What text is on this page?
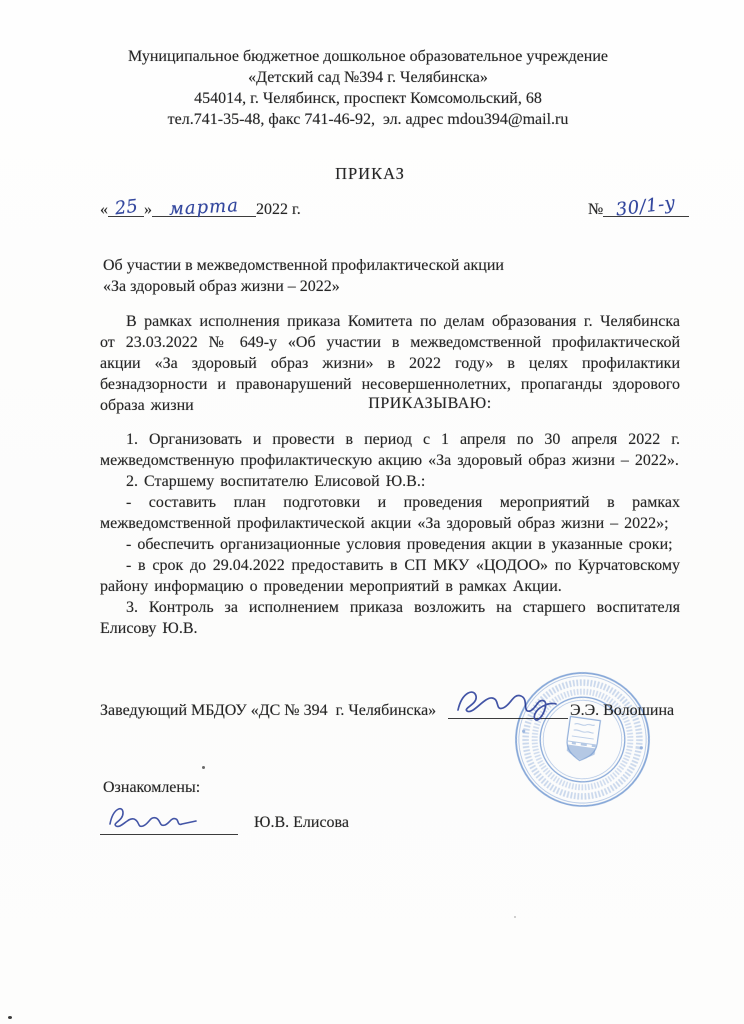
Муниципальное бюджетное дошкольное образовательное учреждение

«Детский сад №394 г. Челябинска»

454014, г. Челябинск, проспект Комсомольский, 68

тел.741-35-48, факс 741-46-92,  эл. адрес mdou394@mail.ru

ПРИКАЗ
« 25 » марта 2022 г.	№ 30/1-у

Об участии в межведомственной профилактической акции

«За здоровый образ жизни – 2022»

В рамках исполнения приказа Комитета по делам образования г. Челябинска от 23.03.2022 № 649-у «Об участии в межведомственной профилактической акции «За здоровый образ жизни» в 2022 году» в целях профилактики безнадзорности и правонарушений несовершеннолетних, пропаганды здорового образа жизни	ПРИКАЗЫВАЮ:

1. Организовать и провести в период с 1 апреля по 30 апреля 2022 г. межведомственную профилактическую акцию «За здоровый образ жизни – 2022».

2. Старшему воспитателю Елисовой Ю.В.:

- составить план подготовки и проведения мероприятий в рамках межведомственной профилактической акции «За здоровый образ жизни – 2022»;

- обеспечить организационные условия проведения акции в указанные сроки;

- в срок до 29.04.2022 предоставить в СП МКУ «ЦОДОО» по Курчатовскому району информацию о проведении мероприятий в рамках Акции.

3. Контроль за исполнением приказа возложить на старшего воспитателя Елисову Ю.В.

Заведующий МБДОУ «ДС № 394  г. Челябинска»	Э.Э. Волошина
Ознакомлены:
Ю.В. Елисова
